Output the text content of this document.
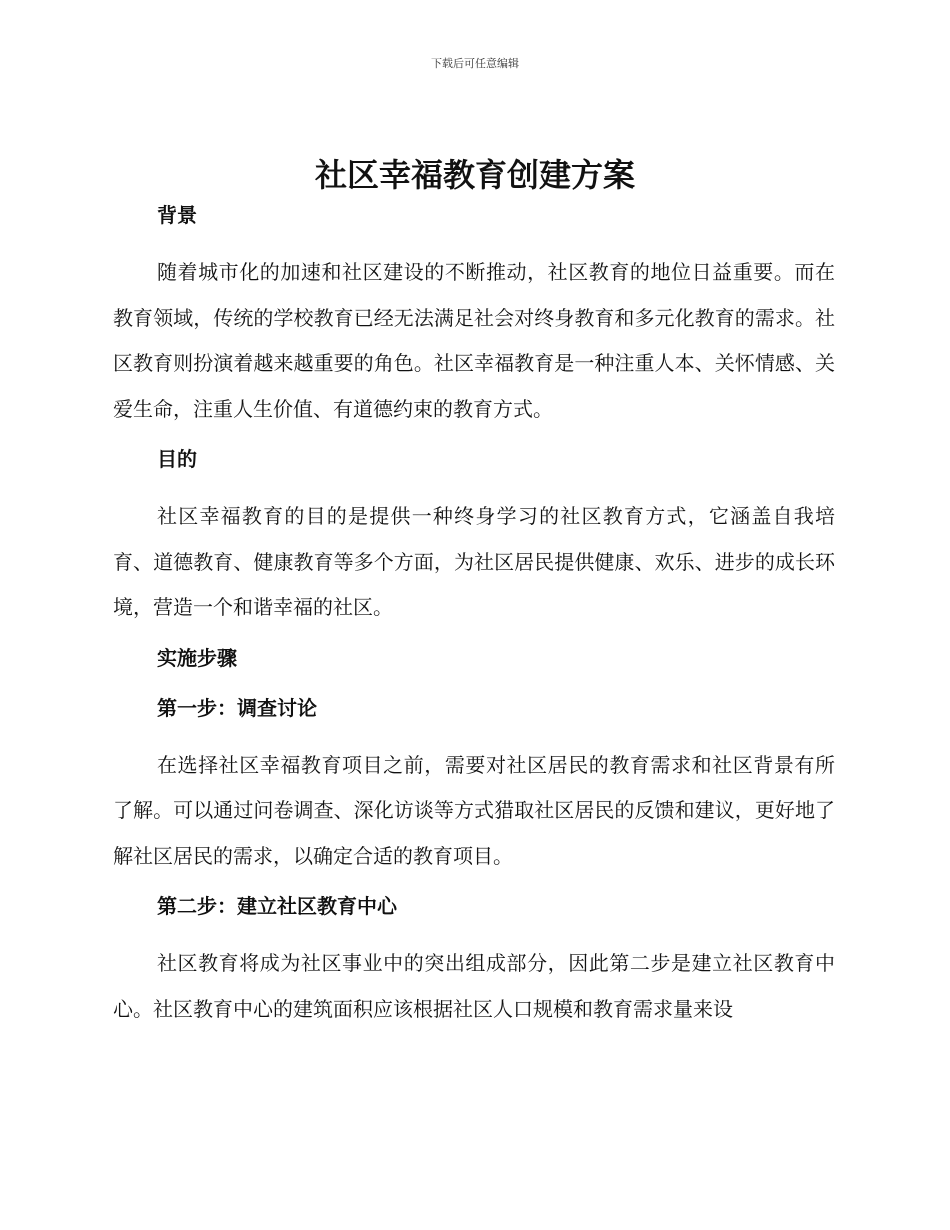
下载后可任意编辑
社区幸福教育创建方案

背景

随着城市化的加速和社区建设的不断推动，社区教育的地位日益重要。而在教育领域，传统的学校教育已经无法满足社会对终身教育和多元化教育的需求。社区教育则扮演着越来越重要的角色。社区幸福教育是一种注重人本、关怀情感、关爱生命，注重人生价值、有道德约束的教育方式。

目的

社区幸福教育的目的是提供一种终身学习的社区教育方式，它涵盖自我培育、道德教育、健康教育等多个方面，为社区居民提供健康、欢乐、进步的成长环境，营造一个和谐幸福的社区。

实施步骤

第一步：调查讨论

在选择社区幸福教育项目之前，需要对社区居民的教育需求和社区背景有所了解。可以通过问卷调查、深化访谈等方式猎取社区居民的反馈和建议，更好地了解社区居民的需求，以确定合适的教育项目。

第二步：建立社区教育中心

社区教育将成为社区事业中的突出组成部分，因此第二步是建立社区教育中心。社区教育中心的建筑面积应该根据社区人口规模和教育需求量来设
